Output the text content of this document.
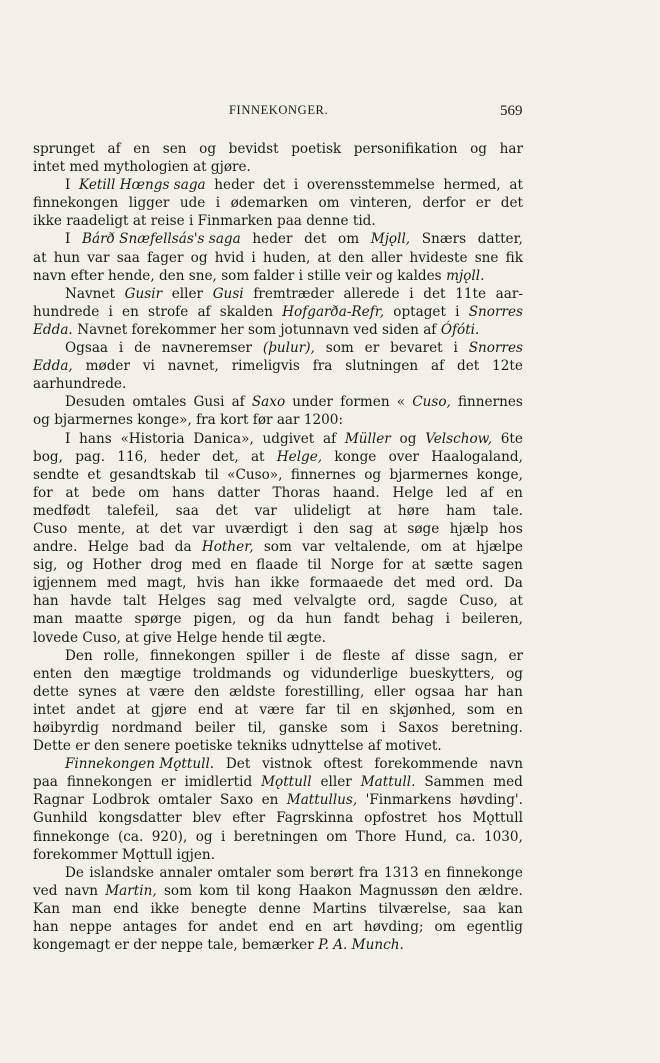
FINNEKONGER.	569
sprunget af en sen og bevidst poetisk personifikation og har
intet med mythologien at gjøre.
I Ketill Hœngs saga heder det i overensstemmelse hermed, at
finnekongen ligger ude i ødemarken om vinteren, derfor er det
ikke raadeligt at reise i Finmarken paa denne tid.
I Bárð Snæfellsás's saga heder det om Mjǫll, Snærs datter,
at hun var saa fager og hvid i huden, at den aller hvideste sne fik
navn efter hende, den sne, som falder i stille veir og kaldes mjǫll.
Navnet Gusir eller Gusi fremtræder allerede i det 11te aar-
hundrede i en strofe af skalden Hofgarða-Refr, optaget i Snorres
Edda. Navnet forekommer her som jotunnavn ved siden af Ófóti.
Ogsaa i de navneremser (þulur), som er bevaret i Snorres
Edda, møder vi navnet, rimeligvis fra slutningen af det 12te
aarhundrede.
Desuden omtales Gusi af Saxo under formen « Cuso, finnernes
og bjarmernes konge», fra kort før aar 1200:
I hans «Historia Danica», udgivet af Müller og Velschow, 6te
bog, pag. 116, heder det, at Helge, konge over Haalogaland,
sendte et gesandtskab til «Cuso», finnernes og bjarmernes konge,
for at bede om hans datter Thoras haand. Helge led af en
medfødt talefeil, saa det var ulideligt at høre ham tale.
Cuso mente, at det var uværdigt i den sag at søge hjælp hos
andre. Helge bad da Hother, som var veltalende, om at hjælpe
sig, og Hother drog med en flaade til Norge for at sætte sagen
igjennem med magt, hvis han ikke formaaede det med ord. Da
han havde talt Helges sag med velvalgte ord, sagde Cuso, at
man maatte spørge pigen, og da hun fandt behag i beileren,
lovede Cuso, at give Helge hende til ægte.
Den rolle, finnekongen spiller i de fleste af disse sagn, er
enten den mægtige troldmands og vidunderlige bueskytters, og
dette synes at være den ældste forestilling, eller ogsaa har han
intet andet at gjøre end at være far til en skjønhed, som en
høibyrdig nordmand beiler til, ganske som i Saxos beretning.
Dette er den senere poetiske tekniks udnyttelse af motivet.
Finnekongen Mǫttull. Det vistnok oftest forekommende navn
paa finnekongen er imidlertid Mǫttull eller Mattull. Sammen med
Ragnar Lodbrok omtaler Saxo en Mattullus, 'Finmarkens høvding'.
Gunhild kongsdatter blev efter Fagrskinna opfostret hos Mǫttull
finnekonge (ca. 920), og i beretningen om Thore Hund, ca. 1030,
forekommer Mǫttull igjen.
De islandske annaler omtaler som berørt fra 1313 en finnekonge
ved navn Martin, som kom til kong Haakon Magnussøn den ældre.
Kan man end ikke benegte denne Martins tilværelse, saa kan
han neppe antages for andet end en art høvding; om egentlig
kongemagt er der neppe tale, bemærker P. A. Munch.
